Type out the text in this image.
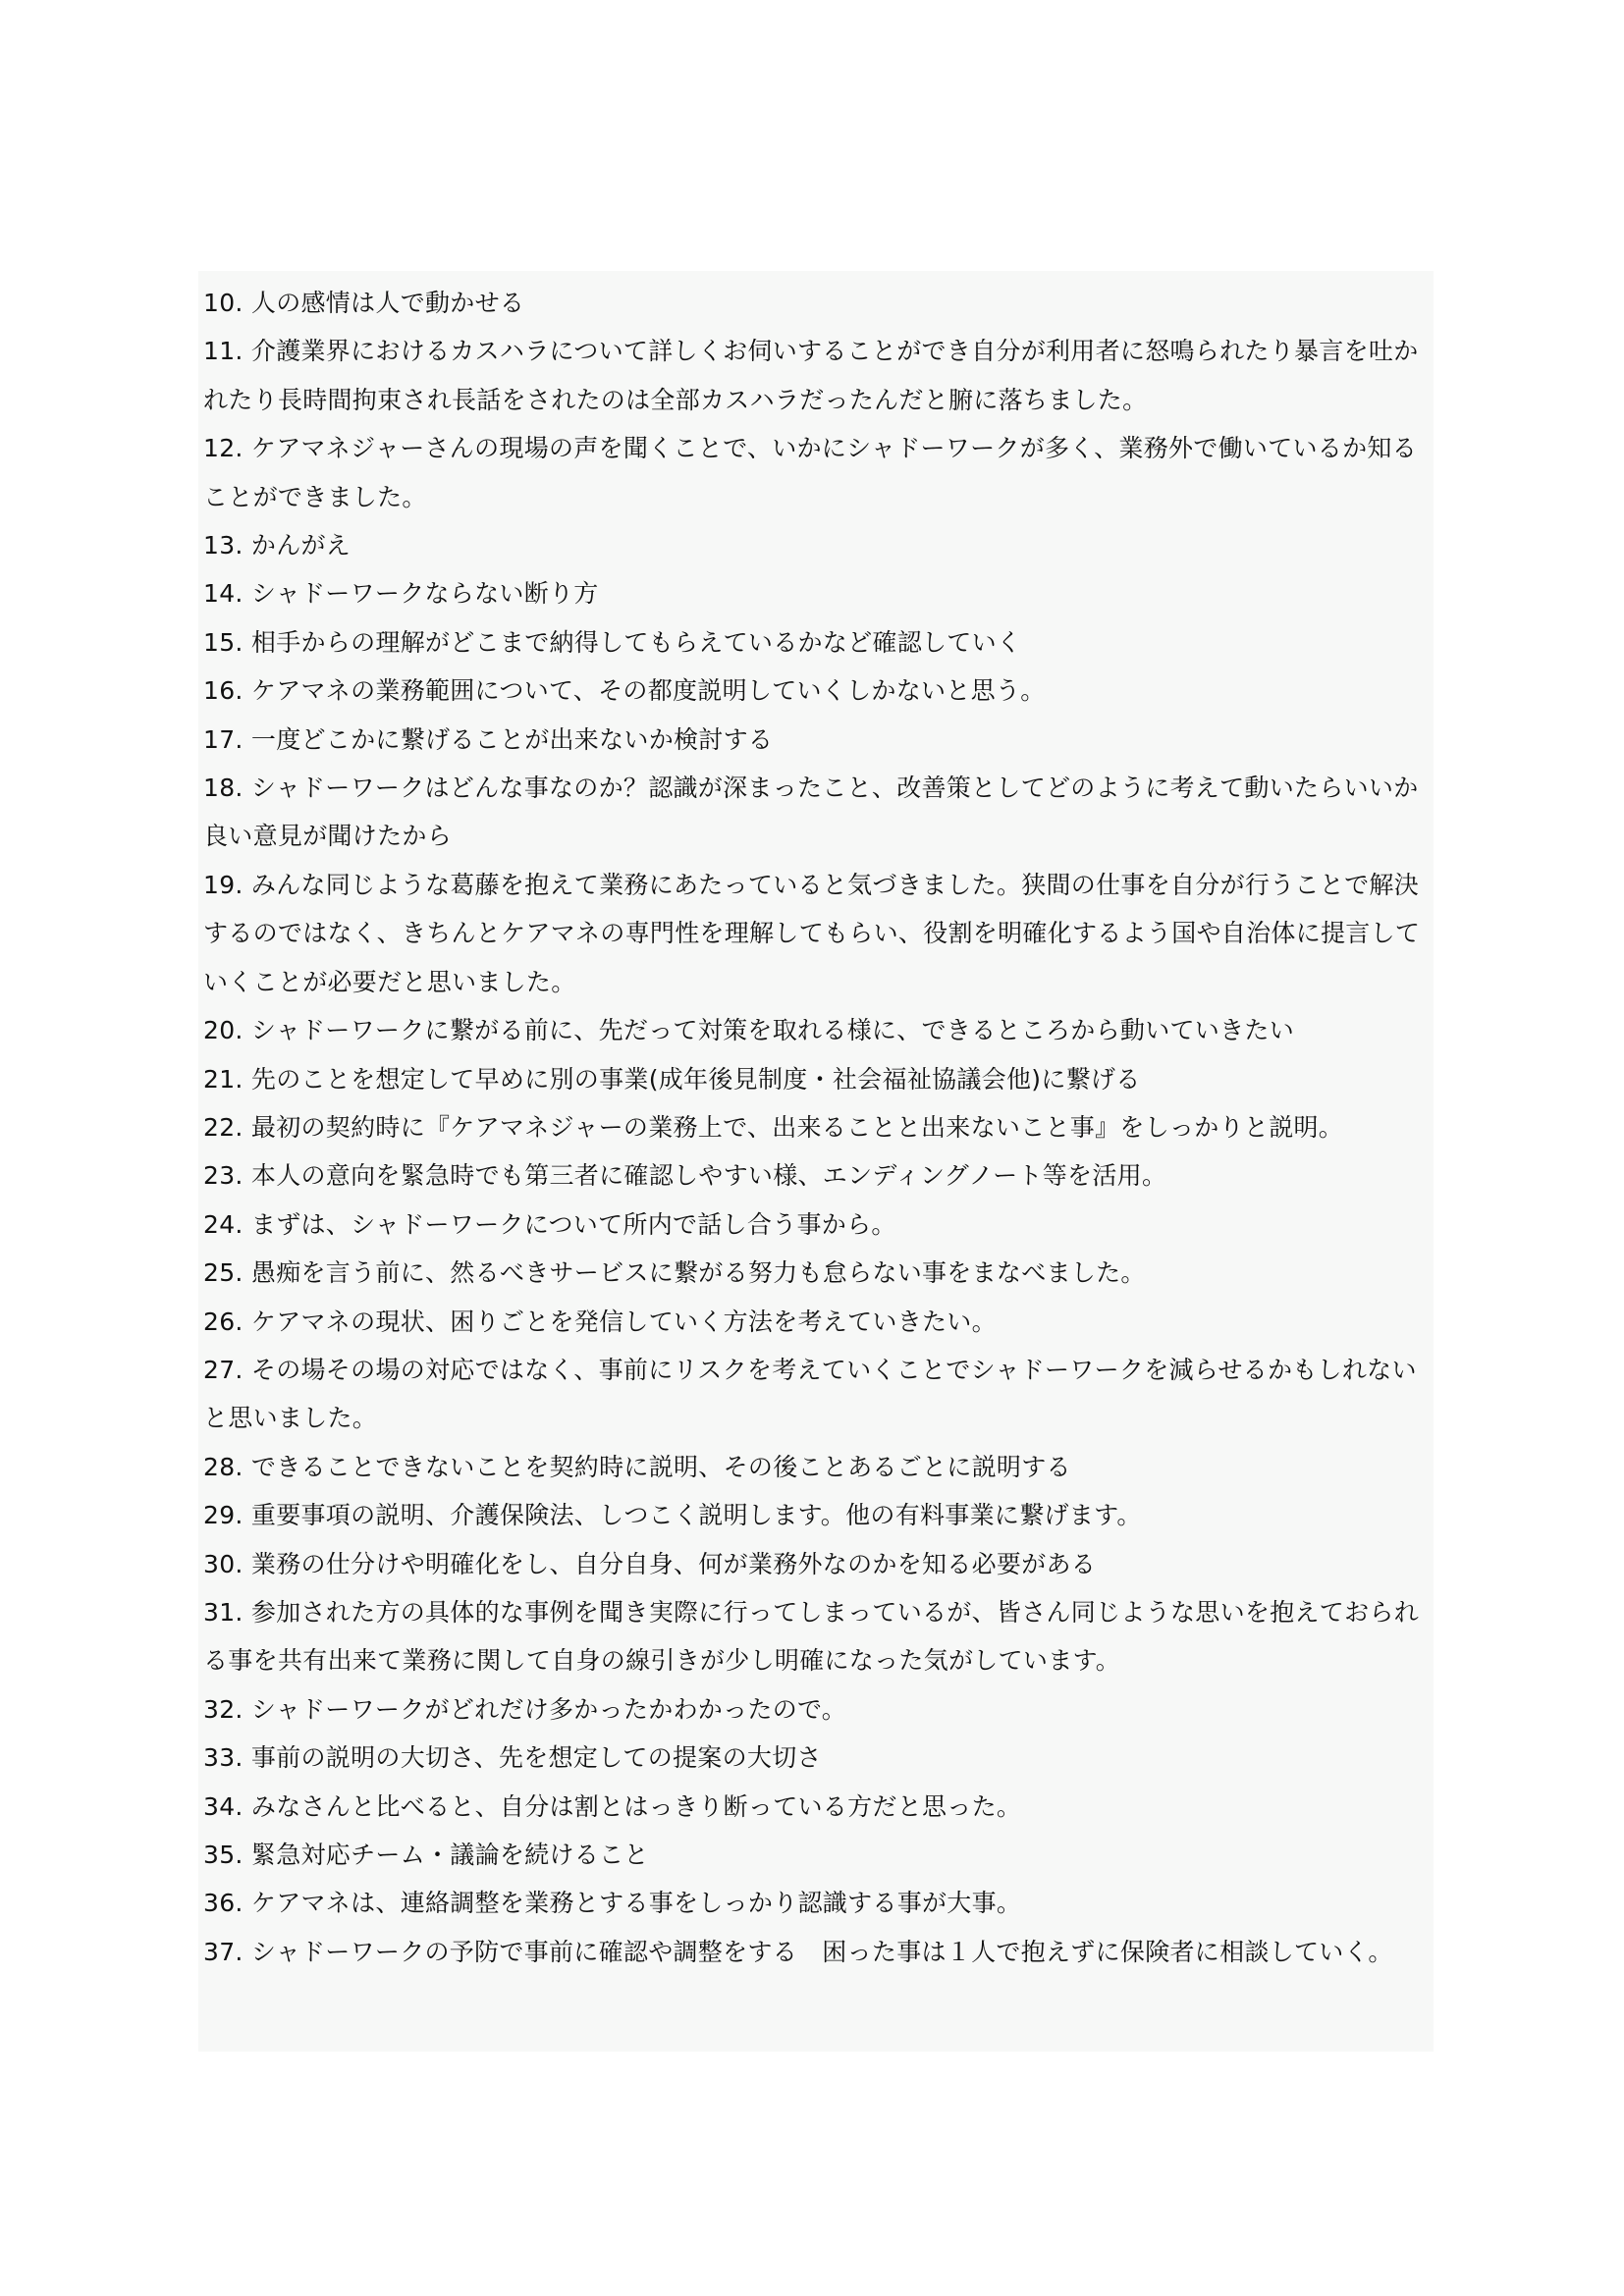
10. 人の感情は人で動かせる

11. 介護業界におけるカスハラについて詳しくお伺いすることができ自分が利用者に怒鳴られたり暴言を吐かれたり長時間拘束され長話をされたのは全部カスハラだったんだと腑に落ちました。

12. ケアマネジャーさんの現場の声を聞くことで、いかにシャドーワークが多く、業務外で働いているか知ることができました。

13. かんがえ

14. シャドーワークならない断り方

15. 相手からの理解がどこまで納得してもらえているかなど確認していく

16. ケアマネの業務範囲について、その都度説明していくしかないと思う。

17. 一度どこかに繋げることが出来ないか検討する

18. シャドーワークはどんな事なのか？認識が深まったこと、改善策としてどのように考えて動いたらいいか良い意見が聞けたから

19. みんな同じような葛藤を抱えて業務にあたっていると気づきました。狭間の仕事を自分が行うことで解決するのではなく、きちんとケアマネの専門性を理解してもらい、役割を明確化するよう国や自治体に提言していくことが必要だと思いました。

20. シャドーワークに繋がる前に、先だって対策を取れる様に、できるところから動いていきたい

21. 先のことを想定して早めに別の事業(成年後見制度・社会福祉協議会他)に繋げる

22. 最初の契約時に『ケアマネジャーの業務上で、出来ることと出来ないこと事』をしっかりと説明。

23. 本人の意向を緊急時でも第三者に確認しやすい様、エンディングノート等を活用。

24. まずは、シャドーワークについて所内で話し合う事から。

25. 愚痴を言う前に、然るべきサービスに繋がる努力も怠らない事をまなべました。

26. ケアマネの現状、困りごとを発信していく方法を考えていきたい。

27. その場その場の対応ではなく、事前にリスクを考えていくことでシャドーワークを減らせるかもしれないと思いました。

28. できることできないことを契約時に説明、その後ことあるごとに説明する

29. 重要事項の説明、介護保険法、しつこく説明します。他の有料事業に繋げます。

30. 業務の仕分けや明確化をし、自分自身、何が業務外なのかを知る必要がある

31. 参加された方の具体的な事例を聞き実際に行ってしまっているが、皆さん同じような思いを抱えておられる事を共有出来て業務に関して自身の線引きが少し明確になった気がしています。

32. シャドーワークがどれだけ多かったかわかったので。

33. 事前の説明の大切さ、先を想定しての提案の大切さ

34. みなさんと比べると、自分は割とはっきり断っている方だと思った。

35. 緊急対応チーム・議論を続けること

36. ケアマネは、連絡調整を業務とする事をしっかり認識する事が大事。

37. シャドーワークの予防で事前に確認や調整をする　困った事は１人で抱えずに保険者に相談していく。
